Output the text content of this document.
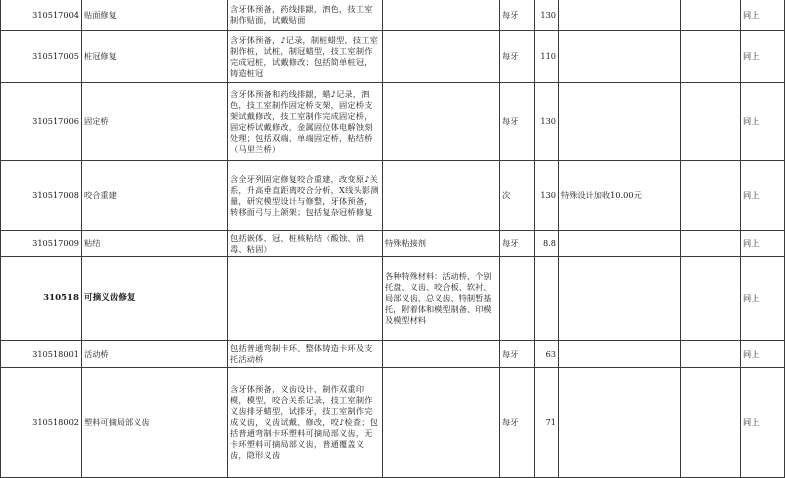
310517004	贴面修复	含牙体预备，药线排龈，泗色，技工室制作贴面，试戴贴面		每牙	130			同上
310517005	桩冠修复	含牙体预备，♪记录，制桩蜡型，技工室制作桩，试桩，制冠蜡型，技工室制作完成冠桩，试戴修改；包括简单桩冠，铸造桩冠		每牙	110			同上
310517006	固定桥	含牙体预备和药线排龈，蜡♪记录，泗色，技工室制作固定桥支架，固定桥支架试戴修改，技工室制作完成固定桥，固定桥试戴修改，金属固位体电解蚀刻处理；包括双端、单端固定桥，粘结桥（马里兰桥）		每牙	130			同上
310517008	咬合重建	含全牙列固定修复咬合重建，改变原♪关系，升高垂直距离咬合分析，X线头影测量，研究模型设计与修整，牙体预备，转移面弓与上颌架；包括复杂冠桥修复		次	130	特殊设计加收10.00元		同上
310517009	粘结	包括嵌体、冠、桩核粘结（酸蚀、消毒、粘固）	特殊粘接剂	每牙	8.8			同上
310518	可摘义齿修复		各种特殊材料：活动桥、个别托盘、义齿、咬合板、软衬、局部义齿、总义齿、特制暂基托，附着体和模型制备、印模及模型材料					同上
310518001	活动桥	包括普通弯制卡环、整体铸造卡环及支托活动桥		每牙	63			同上
310518002	塑料可摘局部义齿	含牙体预备，义齿设计，制作双重印模，模型，咬合关系记录，技工室制作义齿排牙蜡型，试排牙，技工室制作完成义齿，义齿试戴、修改，咬♪检查；包括普通弯制卡环塑料可摘局部义齿，无卡环塑料可摘局部义齿，普通覆盖义齿，隐形义齿		每牙	71			同上
